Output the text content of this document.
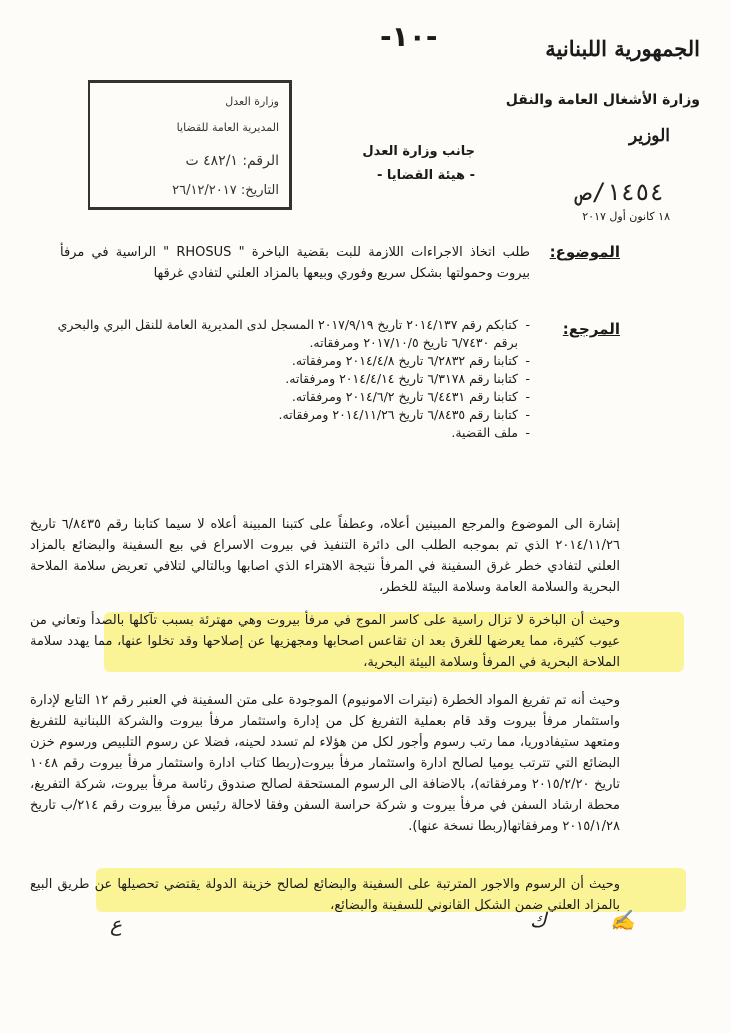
-١٠-	الجمهورية اللبنانية
وزارة الأشغال العامة والنقل
الوزير
١٤٥٤/ص
١٨ كانون أول ٢٠١٧
وزارة العدل
المديرية العامة للقضايا
الرقم: ٤٨٢/١ ت
التاريخ: ٢٦/١٢/٢٠١٧
جانب وزارة العدل
- هيئة القضايا -
الموضوع:
طلب اتخاذ الاجراءات اللازمة للبت بقضية الباخرة " RHOSUS " الراسية في مرفأ بيروت وحمولتها بشكل سريع وفوري وبيعها بالمزاد العلني لتفادي غرقها
المرجع:
- كتابكم رقم ٢٠١٤/١٣٧ تاريخ ٢٠١٧/٩/١٩ المسجل لدى المديرية العامة للنقل البري والبحري برقم ٦/٧٤٣٠ تاريخ ٢٠١٧/١٠/٥ ومرفقاته.
- كتابنا رقم ٦/٢٨٣٢ تاريخ ٢٠١٤/٤/٨ ومرفقاته.
- كتابنا رقم ٦/٣١٧٨ تاريخ ٢٠١٤/٤/١٤ ومرفقاته.
- كتابنا رقم ٦/٤٤٣١ تاريخ ٢٠١٤/٦/٢ ومرفقاته.
- كتابنا رقم ٦/٨٤٣٥ تاريخ ٢٠١٤/١١/٢٦ ومرفقاته.
- ملف القضية.
إشارة الى الموضوع والمرجع المبينين أعلاه، وعطفاً على كتبنا المبينة أعلاه لا سيما كتابنا رقم ٦/٨٤٣٥ تاريخ ٢٠١٤/١١/٢٦ الذي تم بموجبه الطلب الى دائرة التنفيذ في بيروت الاسراع في بيع السفينة والبضائع بالمزاد العلني لتفادي خطر غرق السفينة في المرفأ نتيجة الاهتراء الذي اصابها وبالتالي لتلافي تعريض سلامة الملاحة البحرية والسلامة العامة وسلامة البيئة للخطر،
وحيث أن الباخرة لا تزال راسية على كاسر الموج في مرفأ بيروت وهي مهترئة بسبب تآكلها بالصدأ وتعاني من عيوب كثيرة، مما يعرضها للغرق بعد ان تقاعس اصحابها ومجهزيها عن إصلاحها وقد تخلوا عنها، مما يهدد سلامة الملاحة البحرية في المرفأ وسلامة البيئة البحرية،
وحيث أنه تم تفريغ المواد الخطرة (نيترات الامونيوم) الموجودة على متن السفينة في العنبر رقم ١٢ التابع لإدارة واستثمار مرفأ بيروت وقد قام بعملية التفريغ كل من إدارة واستثمار مرفأ بيروت والشركة اللبنانية للتفريغ ومتعهد ستيفادوريا، مما رتب رسوم وأجور لكل من هؤلاء لم تسدد لحينه، فضلا عن رسوم التلبيص ورسوم خزن البضائع التي تترتب يوميا لصالح ادارة واستثمار مرفأ بيروت(ربطا كتاب ادارة واستثمار مرفأ بيروت رقم ١٠٤٨ تاريخ ٢٠١٥/٢/٢٠ ومرفقاته)، بالاضافة الى الرسوم المستحقة لصالح صندوق رئاسة مرفأ بيروت، شركة التفريغ، محطة ارشاد السفن في مرفأ بيروت و شركة حراسة السفن وفقا لاحالة رئيس مرفأ بيروت رقم ٢١٤/ب تاريخ ٢٠١٥/١/٢٨ ومرفقاتها(ربطا نسخة عنها).
وحيث أن الرسوم والاجور المترتبة على السفينة والبضائع لصالح خزينة الدولة يقتضي تحصيلها عن طريق البيع بالمزاد العلني ضمن الشكل القانوني للسفينة والبضائع،
ع	ﻙ	✍
